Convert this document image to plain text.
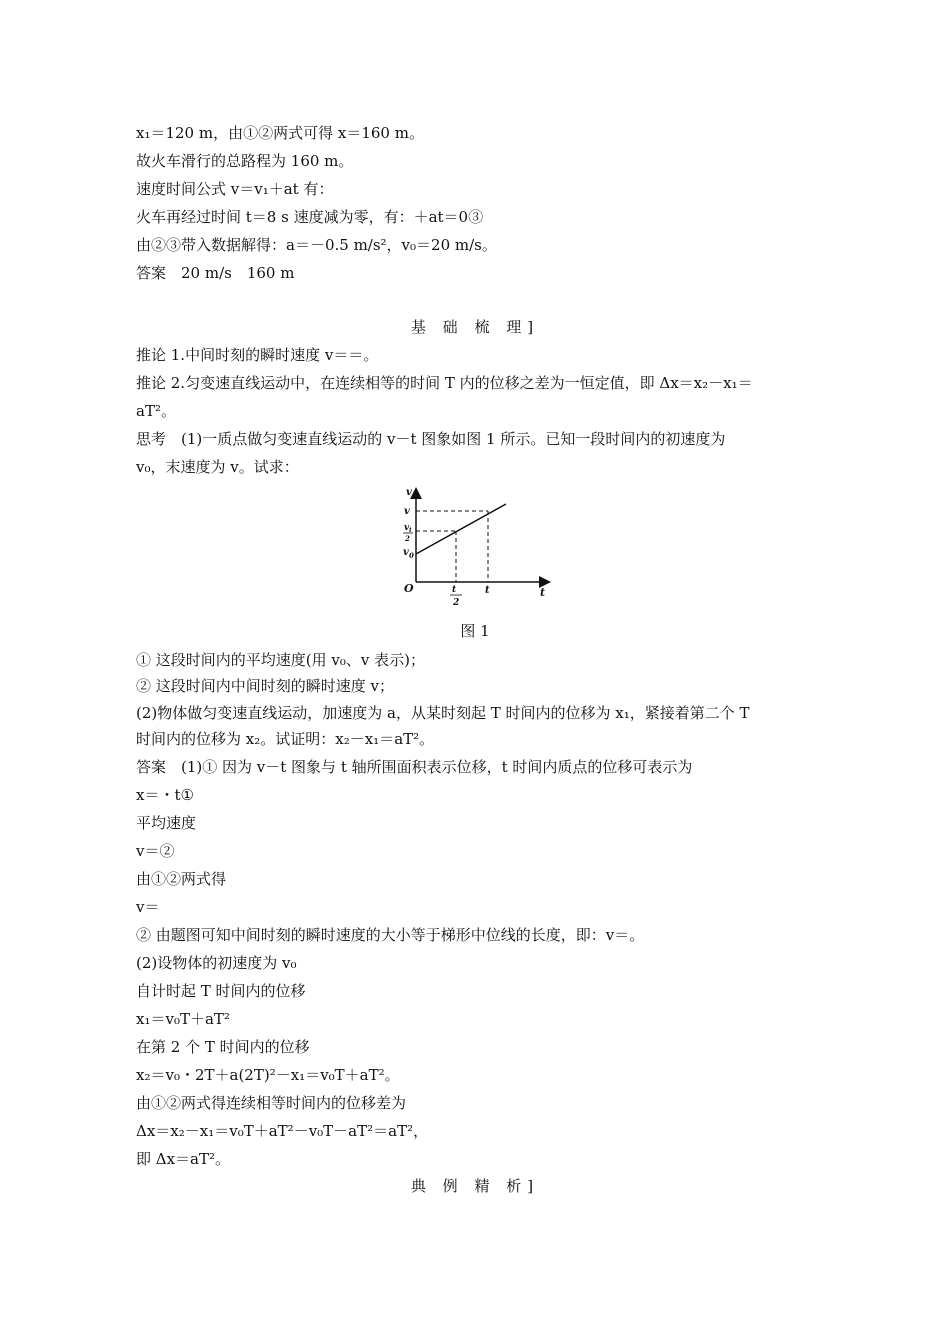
x₁＝120 m，由①②两式可得 x＝160 m。
故火车滑行的总路程为 160 m。
速度时间公式 v＝v₁＋at 有：
火车再经过时间 t＝8 s 速度减为零，有：＋at＝0③
由②③带入数据解得：a＝－0.5 m/s²，v₀＝20 m/s。
答案　20 m/s　160 m
基 础 梳 理]
推论 1.中间时刻的瞬时速度 v＝＝。
推论 2.匀变速直线运动中，在连续相等的时间 T 内的位移之差为一恒定值，即 Δx＝x₂－x₁＝
aT²。
思考　(1)一质点做匀变速直线运动的 v－t 图象如图 1 所示。已知一段时间内的初速度为
v₀，末速度为 v。试求：
v
v
v t
2
v 0
O	t
2
t	t
图 1
① 这段时间内的平均速度(用 v₀、v 表示)；
② 这段时间内中间时刻的瞬时速度 v；
(2)物体做匀变速直线运动，加速度为 a，从某时刻起 T 时间内的位移为 x₁，紧接着第二个 T
时间内的位移为 x₂。试证明：x₂－x₁＝aT²。
答案　(1)① 因为 v－t 图象与 t 轴所围面积表示位移，t 时间内质点的位移可表示为
x＝・t①
平均速度
v＝②
由①②两式得
v＝
② 由题图可知中间时刻的瞬时速度的大小等于梯形中位线的长度，即：v＝。
(2)设物体的初速度为 v₀
自计时起 T 时间内的位移
x₁＝v₀T＋aT²
在第 2 个 T 时间内的位移
x₂＝v₀・2T＋a(2T)²－x₁＝v₀T＋aT²。
由①②两式得连续相等时间内的位移差为
Δx＝x₂－x₁＝v₀T＋aT²－v₀T－aT²＝aT²，
即 Δx＝aT²。
典 例 精 析]
